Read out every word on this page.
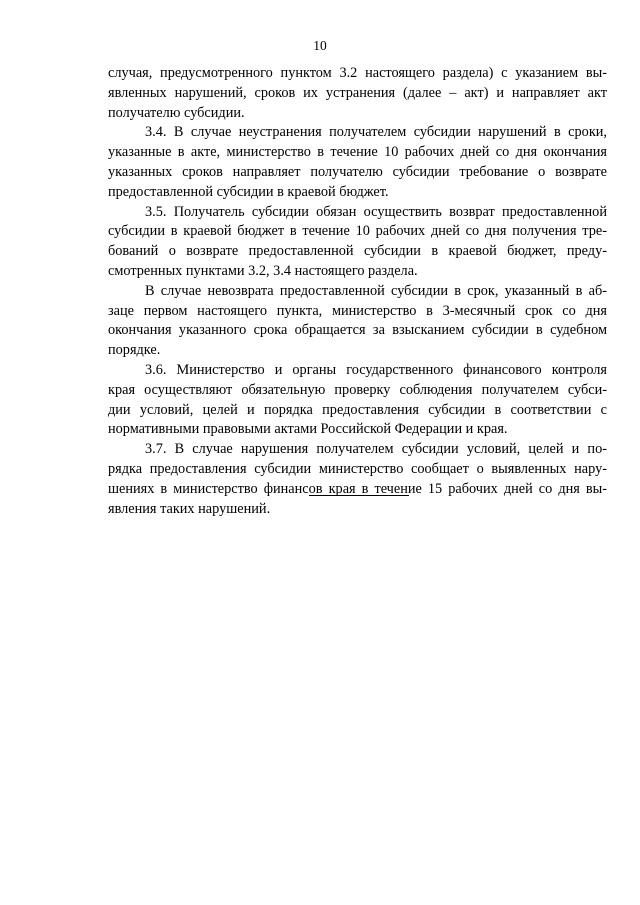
10
случая, предусмотренного пунктом 3.2 настоящего раздела) с указанием вы-
явленных нарушений, сроков их устранения (далее – акт) и направляет акт
получателю субсидии.
3.4. В случае неустранения получателем субсидии нарушений в сроки,
указанные в акте, министерство в течение 10 рабочих дней со дня окончания
указанных сроков направляет получателю субсидии требование о возврате
предоставленной субсидии в краевой бюджет.
3.5. Получатель субсидии обязан осуществить возврат предоставленной
субсидии в краевой бюджет в течение 10 рабочих дней со дня получения тре-
бований о возврате предоставленной субсидии в краевой бюджет, преду-
смотренных пунктами 3.2, 3.4 настоящего раздела.
В случае невозврата предоставленной субсидии в срок, указанный в аб-
заце первом настоящего пункта, министерство в 3-месячный срок со дня
окончания указанного срока обращается за взысканием субсидии в судебном
порядке.
3.6. Министерство и органы государственного финансового контроля
края осуществляют обязательную проверку соблюдения получателем субси-
дии условий, целей и порядка предоставления субсидии в соответствии с
нормативными правовыми актами Российской Федерации и края.
3.7. В случае нарушения получателем субсидии условий, целей и по-
рядка предоставления субсидии министерство сообщает о выявленных нару-
шениях в министерство финансов края в течение 15 рабочих дней со дня вы-
явления таких нарушений.
